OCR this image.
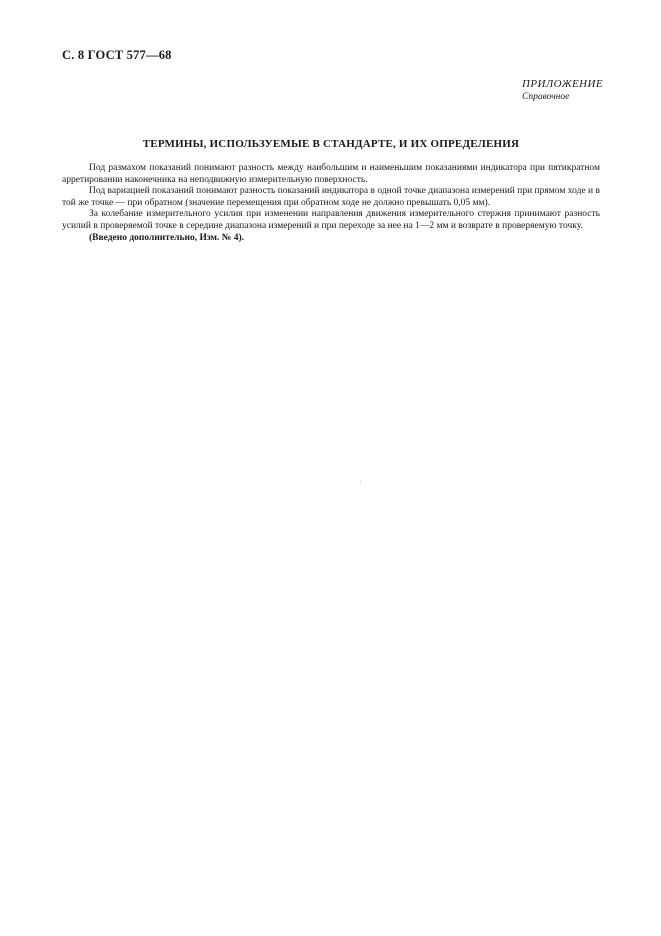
С. 8 ГОСТ 577—68
ПРИЛОЖЕНИЕ
Справочное
ТЕРМИНЫ, ИСПОЛЬЗУЕМЫЕ В СТАНДАРТЕ, И ИХ ОПРЕДЕЛЕНИЯ

Под размахом показаний понимают разность между наибольшим и наименьшим показаниями индикатора при пятикратном арретировании наконечника на неподвижную измерительную поверхность.

Под вариацией показаний понимают разность показаний индикатора в одной точке диапазона измерений при прямом ходе и в той же точке — при обратном (значение перемещения при обратном ходе не должно превышать 0,05 мм).

За колебание измерительного усилия при изменении направления движения измерительного стержня принимают разность усилий в проверяемой точке в середине диапазона измерений и при переходе за нее на 1—2 мм и возврате в проверяемую точку.

(Введено дополнительно, Изм. № 4).
